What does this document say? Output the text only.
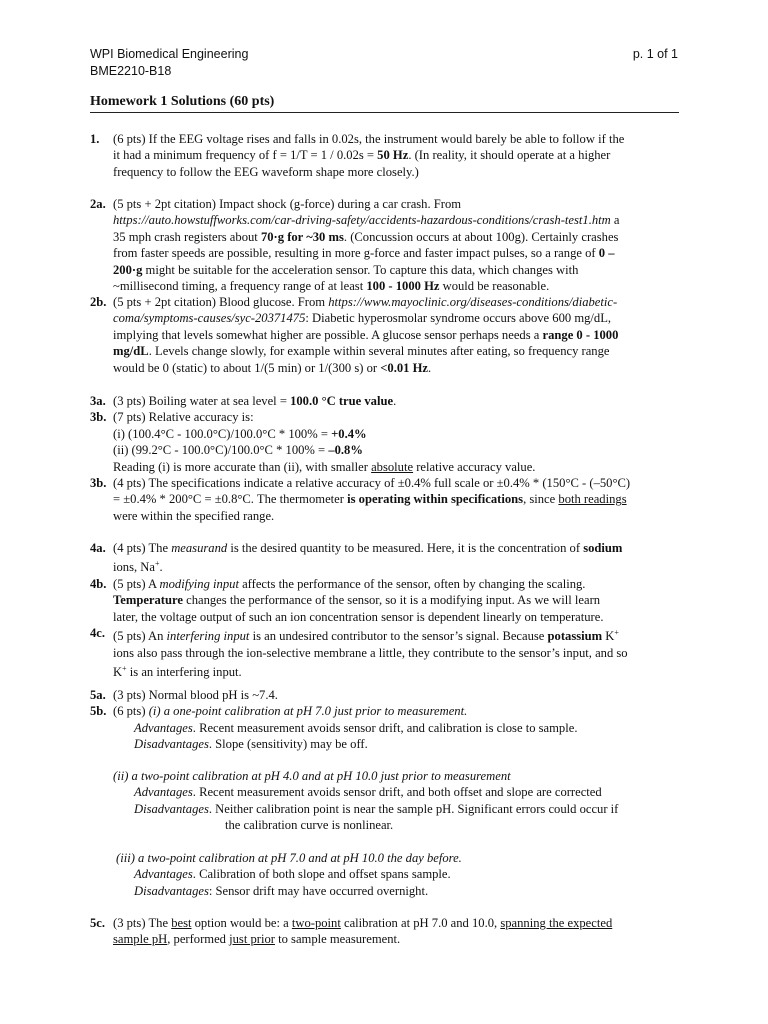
WPI Biomedical Engineering
BME2210-B18
p. 1 of 1
Homework 1 Solutions (60 pts)
1. (6 pts) If the EEG voltage rises and falls in 0.02s, the instrument would barely be able to follow if the
it had a minimum frequency of f = 1/T = 1 / 0.02s = 50 Hz. (In reality, it should operate at a higher
frequency to follow the EEG waveform shape more closely.)
2a. (5 pts + 2pt citation) Impact shock (g-force) during a car crash. From
https://auto.howstuffworks.com/car-driving-safety/accidents-hazardous-conditions/crash-test1.htm a
35 mph crash registers about 70·g for ~30 ms. (Concussion occurs at about 100g). Certainly crashes
from faster speeds are possible, resulting in more g-force and faster impact pulses, so a range of 0 –
200·g might be suitable for the acceleration sensor. To capture this data, which changes with
~millisecond timing, a frequency range of at least 100 - 1000 Hz would be reasonable.
2b. (5 pts + 2pt citation) Blood glucose. From https://www.mayoclinic.org/diseases-conditions/diabetic-
coma/symptoms-causes/syc-20371475: Diabetic hyperosmolar syndrome occurs above 600 mg/dL,
implying that levels somewhat higher are possible. A glucose sensor perhaps needs a range 0 - 1000
mg/dL. Levels change slowly, for example within several minutes after eating, so frequency range
would be 0 (static) to about 1/(5 min) or 1/(300 s) or <0.01 Hz.
3a. (3 pts) Boiling water at sea level = 100.0 °C true value.
3b. (7 pts) Relative accuracy is:
(i) (100.4°C - 100.0°C)/100.0°C * 100% = +0.4%
(ii) (99.2°C - 100.0°C)/100.0°C * 100% = –0.8%
Reading (i) is more accurate than (ii), with smaller absolute relative accuracy value.
3b. (4 pts) The specifications indicate a relative accuracy of ±0.4% full scale or ±0.4% * (150°C - (–50°C)
= ±0.4% * 200°C = ±0.8°C. The thermometer is operating within specifications, since both readings
were within the specified range.
4a. (4 pts) The measurand is the desired quantity to be measured. Here, it is the concentration of sodium
ions, Na+.
4b. (5 pts) A modifying input affects the performance of the sensor, often by changing the scaling.
Temperature changes the performance of the sensor, so it is a modifying input. As we will learn
later, the voltage output of such an ion concentration sensor is dependent linearly on temperature.
4c. (5 pts) An interfering input is an undesired contributor to the sensor’s signal. Because potassium K+
ions also pass through the ion-selective membrane a little, they contribute to the sensor’s input, and so
K+ is an interfering input.
5a. (3 pts) Normal blood pH is ~7.4.
5b. (6 pts) (i) a one-point calibration at pH 7.0 just prior to measurement.
Advantages. Recent measurement avoids sensor drift, and calibration is close to sample.
Disadvantages. Slope (sensitivity) may be off.
(ii) a two-point calibration at pH 4.0 and at pH 10.0 just prior to measurement
Advantages. Recent measurement avoids sensor drift, and both offset and slope are corrected
Disadvantages. Neither calibration point is near the sample pH. Significant errors could occur if
the calibration curve is nonlinear.
(iii) a two-point calibration at pH 7.0 and at pH 10.0 the day before.
Advantages. Calibration of both slope and offset spans sample.
Disadvantages: Sensor drift may have occurred overnight.
5c. (3 pts) The best option would be: a two-point calibration at pH 7.0 and 10.0, spanning the expected
sample pH, performed just prior to sample measurement.
